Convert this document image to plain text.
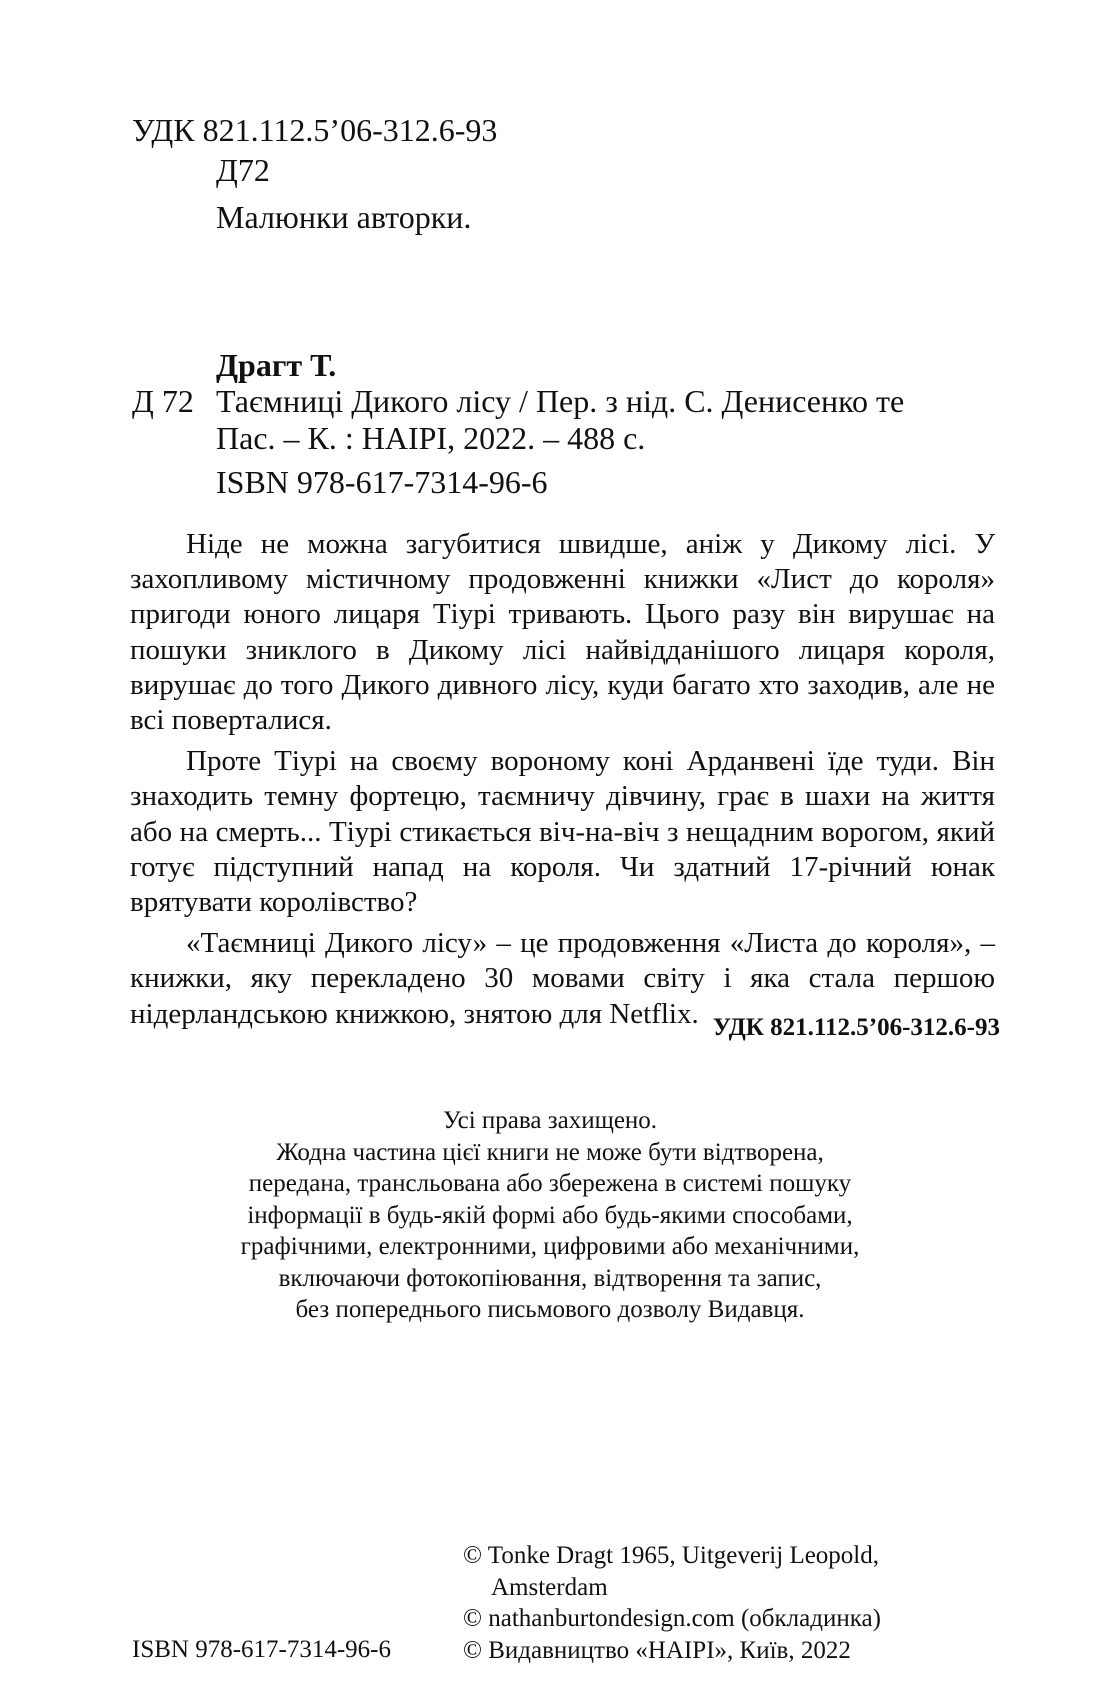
УДК 821.112.5’06-312.6-93
Д72
Малюнки авторки.
Драгт Т.
Д 72 Таємниці Дикого лісу / Пер. з нід. С. Денисенко те
Пас. – К. : НАІРІ, 2022. – 488 с.
ISBN 978-617-7314-96-6

Ніде не можна загубитися швидше, аніж у Дикому лісі. У захопливому містичному продовженні книжки «Лист до короля» пригоди юного лицаря Тіурі тривають. Цього разу він вирушає на пошуки зниклого в Дикому лісі найвідданішого лицаря короля, вирушає до того Дикого дивного лісу, куди багато хто заходив, але не всі поверталися.

Проте Тіурі на своєму вороному коні Арданвені їде туди. Він знаходить темну фортецю, таємничу дівчину, грає в шахи на життя або на смерть... Тіурі стикається віч-на-віч з нещадним ворогом, який готує підступний напад на короля. Чи здатний 17-річний юнак врятувати королівство?

«Таємниці Дикого лісу» – це продовження «Листа до короля», – книжки, яку перекладено 30 мовами світу і яка стала першою нідерландською книжкою, знятою для Netflix. УДК 821.112.5’06-312.6-93
Усі права захищено.
Жодна частина цієї книги не може бути відтворена,
передана, трансльована або збережена в системі пошуку
інформації в будь-якій формі або будь-якими способами,
графічними, електронними, цифровими або механічними,
включаючи фотокопіювання, відтворення та запис,
без попереднього письмового дозволу Видавця.
© Tonke Dragt 1965, Uitgeverij Leopold,
Amsterdam
© nathanburtondesign.com (обкладинка)
© Видавництво «НАІРІ», Київ, 2022
ISBN 978-617-7314-96-6
